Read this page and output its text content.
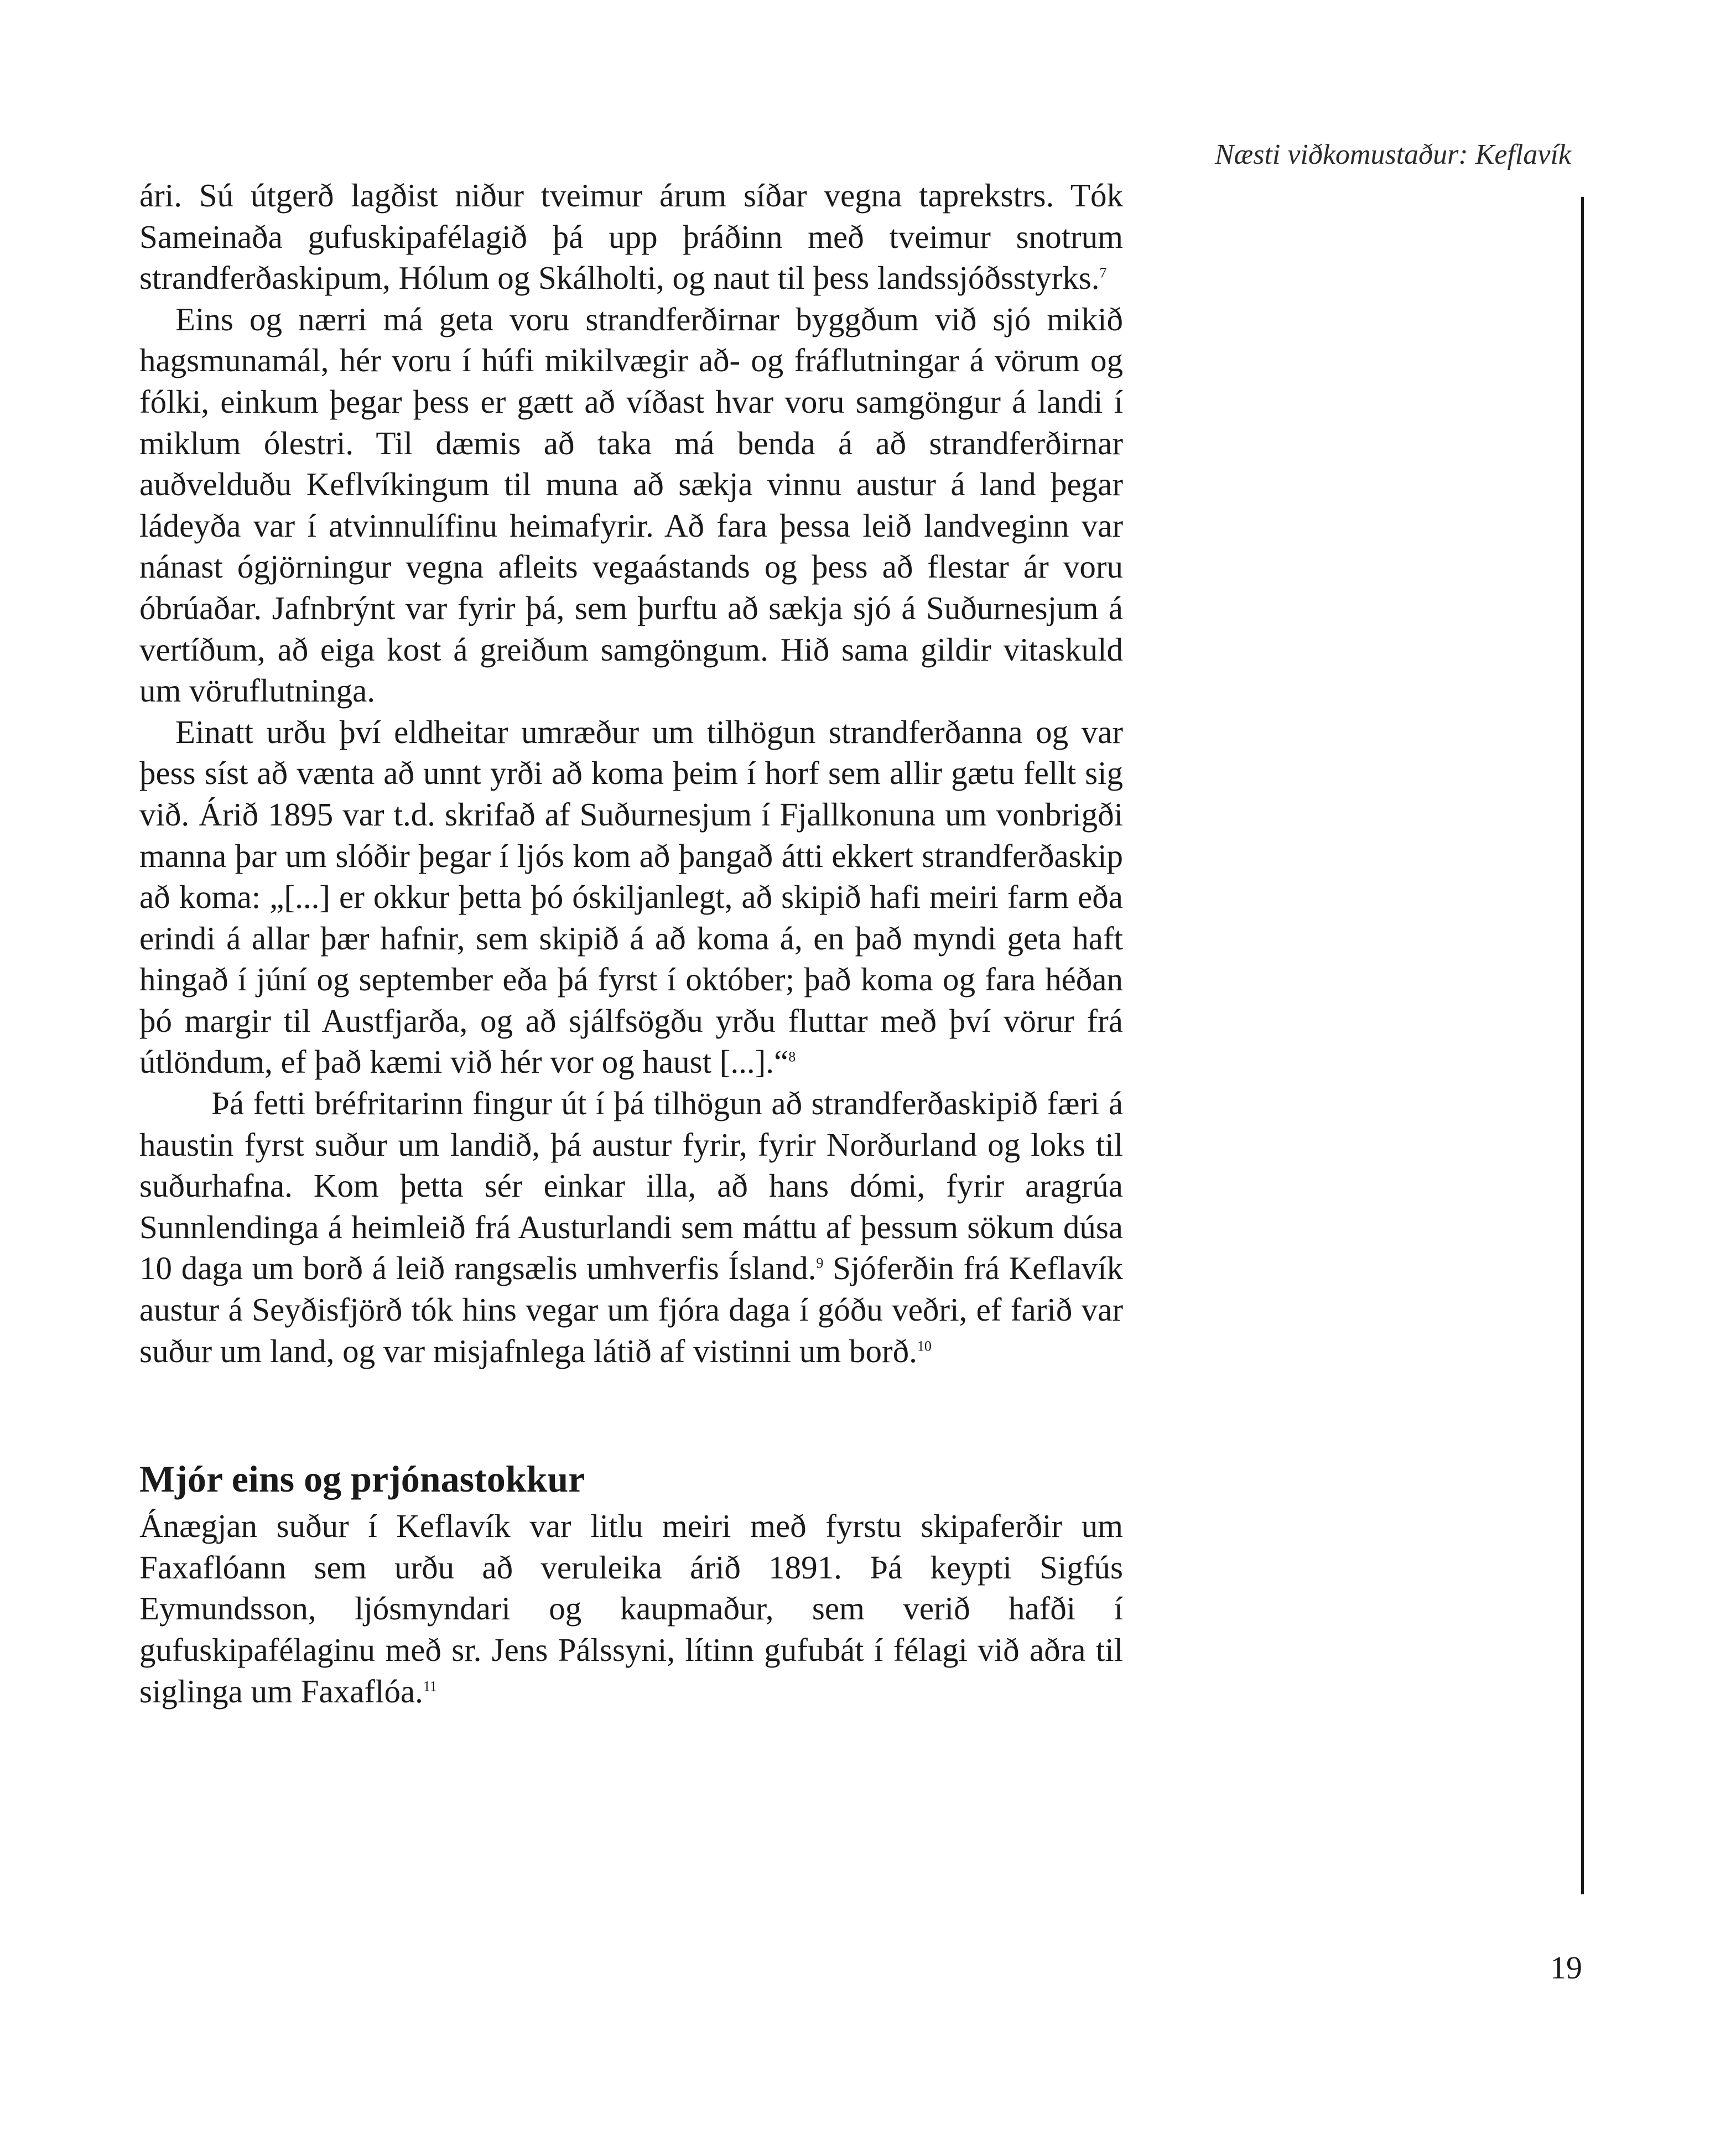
Næsti viðkomustaður: Keflavík

ári. Sú útgerð lagðist niður tveimur árum síðar vegna taprekstrs. Tók Sameinaða gufuskipafélagið þá upp þráðinn með tveimur snotrum strandferðaskipum, Hólum og Skálholti, og naut til þess landssjóðsstyrks.$^7$

Eins og nærri má geta voru strandferðirnar byggðum við sjó mikið hagsmunamál, hér voru í húfi mikilvægir að- og fráflutningar á vörum og fólki, einkum þegar þess er gætt að víðast hvar voru samgöngur á landi í miklum ólestri. Til dæmis að taka má benda á að strandferðirnar auðvelduðu Keflvíkingum til muna að sækja vinnu austur á land þegar ládeyða var í atvinnulífinu heimafyrir. Að fara þessa leið landveginn var nánast ógjörningur vegna afleits vegaástands og þess að flestar ár voru óbrúaðar. Jafnbrýnt var fyrir þá, sem þurftu að sækja sjó á Suðurnesjum á vertíðum, að eiga kost á greiðum samgöngum. Hið sama gildir vitaskuld um vöruflutninga.

Einatt urðu því eldheitar umræður um tilhögun strandferðanna og var þess síst að vænta að unnt yrði að koma þeim í horf sem allir gætu fellt sig við. Árið 1895 var t.d. skrifað af Suðurnesjum í Fjallkonuna um vonbrigði manna þar um slóðir þegar í ljós kom að þangað átti ekkert strandferðaskip að koma: „[...] er okkur þetta þó óskiljanlegt, að skipið hafi meiri farm eða erindi á allar þær hafnir, sem skipið á að koma á, en það myndi geta haft hingað í júní og september eða þá fyrst í október; það koma og fara héðan þó margir til Austfjarða, og að sjálfsögðu yrðu fluttar með því vörur frá útlöndum, ef það kæmi við hér vor og haust [...].“$^8$

Þá fetti bréfritarinn fingur út í þá tilhögun að strandferðaskipið færi á haustin fyrst suður um landið, þá austur fyrir, fyrir Norðurland og loks til suðurhafna. Kom þetta sér einkar illa, að hans dómi, fyrir aragrúa Sunnlendinga á heimleið frá Austurlandi sem máttu af þessum sökum dúsa 10 daga um borð á leið rangsælis umhverfis Ísland.$^9$ Sjóferðin frá Keflavík austur á Seyðisfjörð tók hins vegar um fjóra daga í góðu veðri, ef farið var suður um land, og var misjafnlega látið af vistinni um borð.$^{10}$

Mjór eins og prjónastokkur

Ánægjan suður í Keflavík var litlu meiri með fyrstu skipaferðir um Faxaflóann sem urðu að veruleika árið 1891. Þá keypti Sigfús Eymundsson, ljósmyndari og kaupmaður, sem verið hafði í gufuskipafélaginu með sr. Jens Pálssyni, lítinn gufubát í félagi við aðra til siglinga um Faxaflóa.$^{11}$

19
